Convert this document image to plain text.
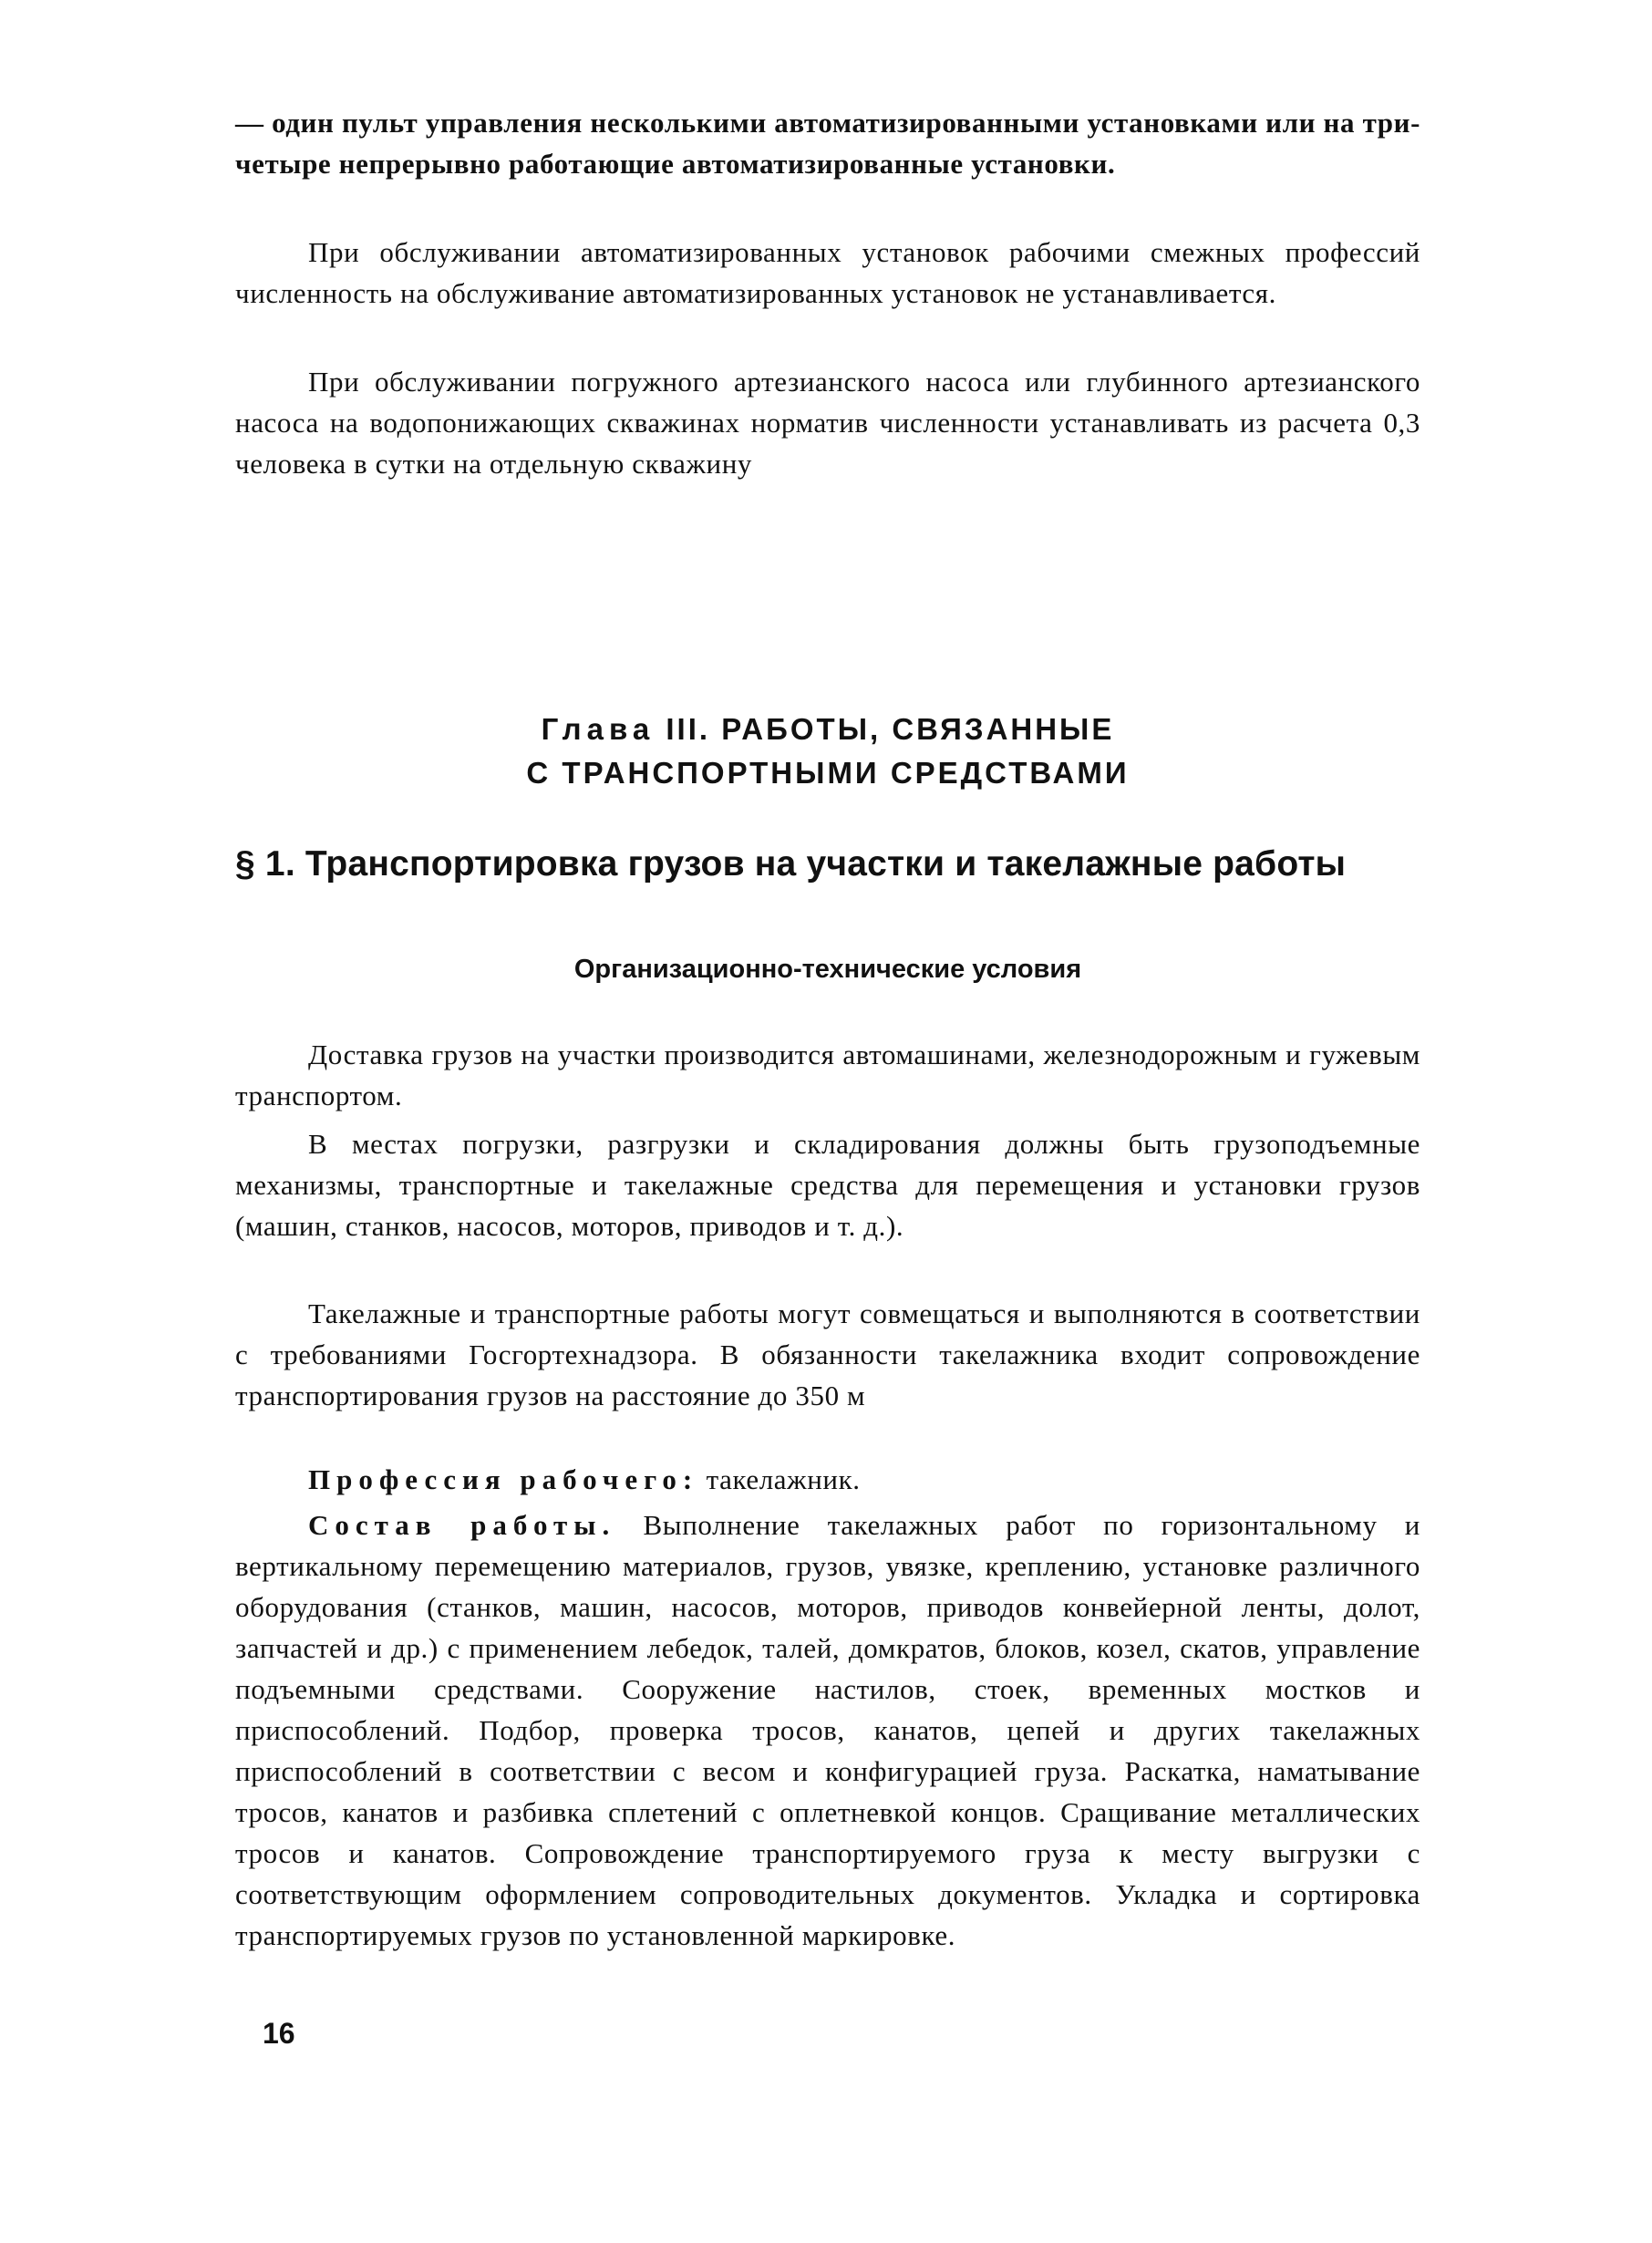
— один пульт управления несколькими автоматизированными установками или на три-четыре непрерывно работающие автоматизированные установки.

При обслуживании автоматизированных установок рабочими смежных профессий численность на обслуживание автоматизированных установок не устанавливается.

При обслуживании погружного артезианского насоса или глубинного артезианского насоса на водопонижающих скважинах норматив численности устанавливать из расчета 0,3 человека в сутки на отдельную скважину

Глава III. РАБОТЫ, СВЯЗАННЫЕ
С ТРАНСПОРТНЫМИ СРЕДСТВАМИ
§ 1. Транспортировка грузов на участки и такелажные работы
Организационно-технические условия

Доставка грузов на участки производится автомашинами, железнодорожным и гужевым транспортом.

В местах погрузки, разгрузки и складирования должны быть грузоподъемные механизмы, транспортные и такелажные средства для перемещения и установки грузов (машин, станков, насосов, моторов, приводов и т. д.).

Такелажные и транспортные работы могут совмещаться и выполняются в соответствии с требованиями Госгортехнадзора. В обязанности такелажника входит сопровождение транспортирования грузов на расстояние до 350 м

Профессия рабочего: такелажник.

Состав работы. Выполнение такелажных работ по горизонтальному и вертикальному перемещению материалов, грузов, увязке, креплению, установке различного оборудования (станков, машин, насосов, моторов, приводов конвейерной ленты, долот, запчастей и др.) с применением лебедок, талей, домкратов, блоков, козел, скатов, управление подъемными средствами. Сооружение настилов, стоек, временных мостков и приспособлений. Подбор, проверка тросов, канатов, цепей и других такелажных приспособлений в соответствии с весом и конфигурацией груза. Раскатка, наматывание тросов, канатов и разбивка сплетений с оплетневкой концов. Сращивание металлических тросов и канатов. Сопровождение транспортируемого груза к месту выгрузки с соответствующим оформлением сопроводительных документов. Укладка и сортировка транспортируемых грузов по установленной маркировке.

16
